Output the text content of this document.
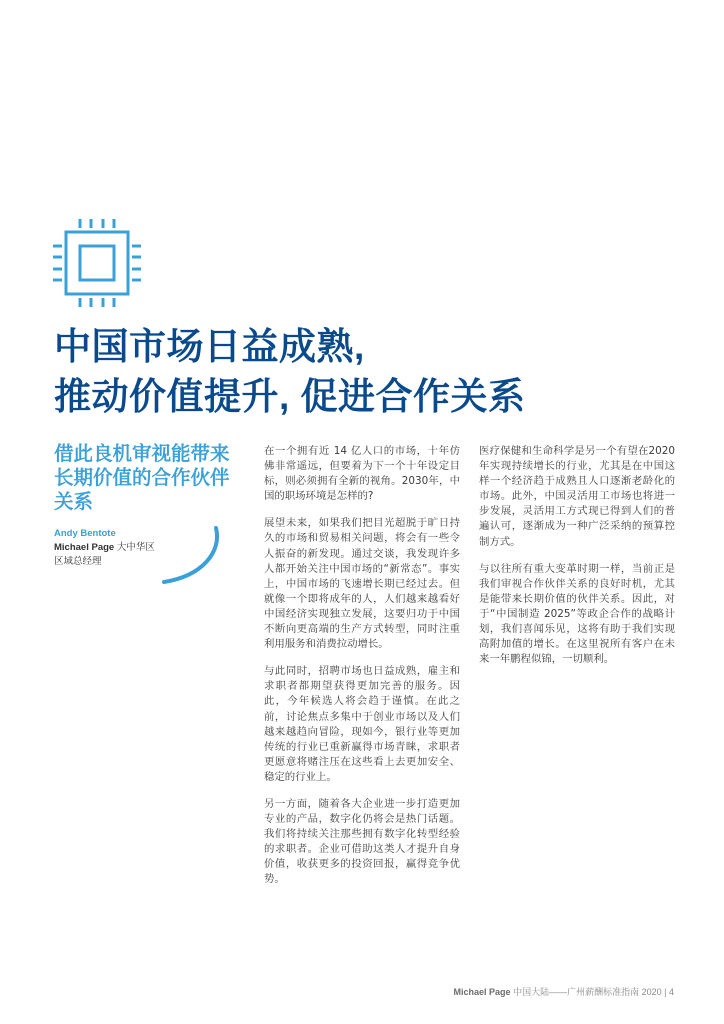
中国市场日益成熟,
推动价值提升, 促进合作关系
借此良机审视能带来长期价值的合作伙伴关系
Andy Bentote
Michael Page 大中华区
区域总经理

在一个拥有近 14 亿人口的市场，十年仿佛非常遥远，但要着为下一个十年设定目标，则必须拥有全新的视角。2030年，中国的职场环境是怎样的?

展望未来，如果我们把目光超脱于旷日持久的市场和贸易相关问题，将会有一些令人振奋的新发现。通过交谈，我发现许多人都开始关注中国市场的“新常态”。事实上，中国市场的飞速增长期已经过去。但就像一个即将成年的人，人们越来越看好中国经济实现独立发展，这要归功于中国不断向更高端的生产方式转型，同时注重利用服务和消费拉动增长。

与此同时，招聘市场也日益成熟，雇主和求职者都期望获得更加完善的服务。因此，今年候选人将会趋于谨慎。在此之前，讨论焦点多集中于创业市场以及人们越来越趋向冒险，现如今，银行业等更加传统的行业已重新赢得市场青睐，求职者更愿意将赌注压在这些看上去更加安全、稳定的行业上。

另一方面，随着各大企业进一步打造更加专业的产品，数字化仍将会是热门话题。我们将持续关注那些拥有数字化转型经验的求职者。企业可借助这类人才提升自身价值，收获更多的投资回报，赢得竞争优势。

医疗保健和生命科学是另一个有望在2020年实现持续增长的行业，尤其是在中国这样一个经济趋于成熟且人口逐渐老龄化的市场。此外，中国灵活用工市场也将进一步发展，灵活用工方式现已得到人们的普遍认可，逐渐成为一种广泛采纳的预算控制方式。

与以往所有重大变革时期一样，当前正是我们审视合作伙伴关系的良好时机，尤其是能带来长期价值的伙伴关系。因此，对于“中国制造 2025”等政企合作的战略计划，我们喜闻乐见，这将有助于我们实现高附加值的增长。在这里祝所有客户在未来一年鹏程似锦，一切顺利。

Michael Page 中国大陆——广州薪酬标准指南 2020 | 4
